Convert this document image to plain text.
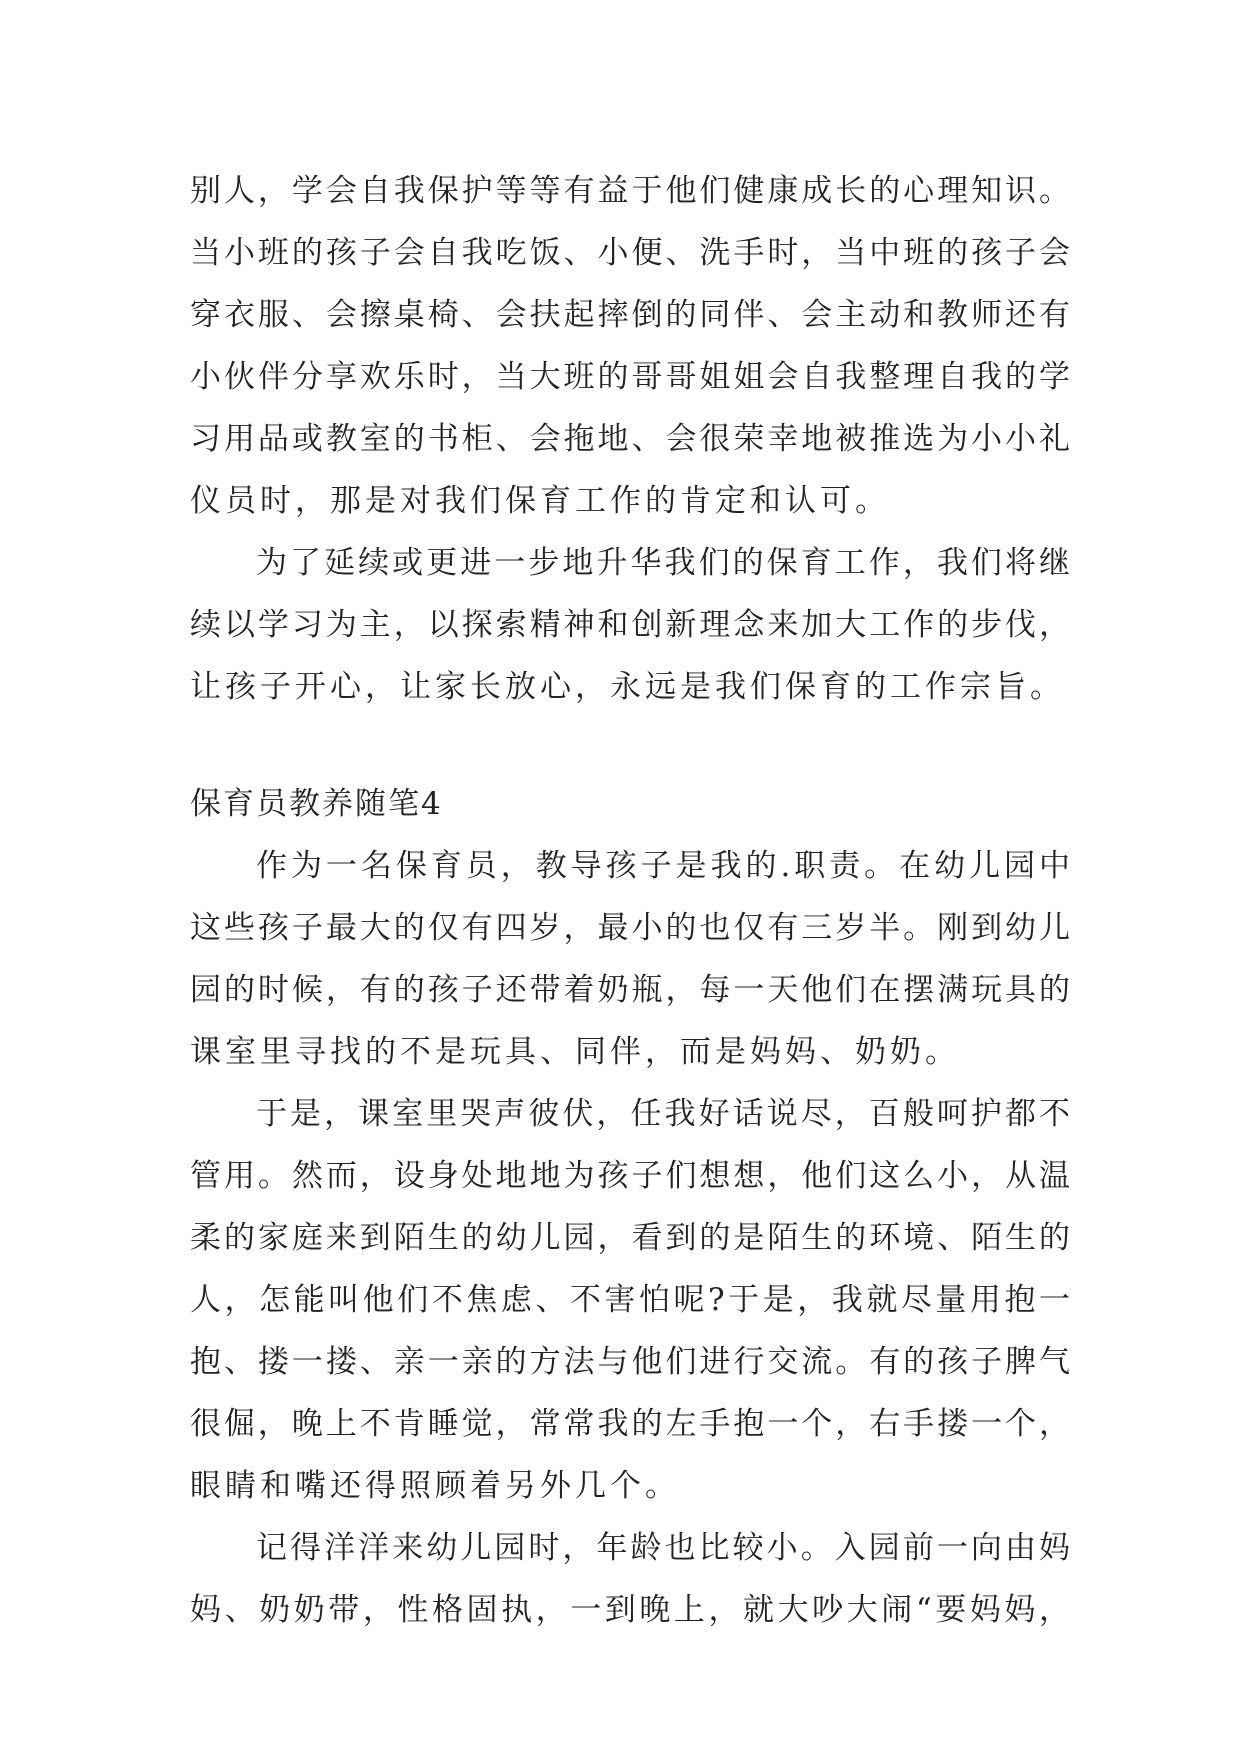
别人，学会自我保护等等有益于他们健康成长的心理知识。
当小班的孩子会自我吃饭、小便、洗手时，当中班的孩子会
穿衣服、会擦桌椅、会扶起摔倒的同伴、会主动和教师还有
小伙伴分享欢乐时，当大班的哥哥姐姐会自我整理自我的学
习用品或教室的书柜、会拖地、会很荣幸地被推选为小小礼
仪员时，那是对我们保育工作的肯定和认可。
为了延续或更进一步地升华我们的保育工作，我们将继
续以学习为主，以探索精神和创新理念来加大工作的步伐，
让孩子开心，让家长放心，永远是我们保育的工作宗旨。
保育员教养随笔4
作为一名保育员，教导孩子是我的.职责。在幼儿园中
这些孩子最大的仅有四岁，最小的也仅有三岁半。刚到幼儿
园的时候，有的孩子还带着奶瓶，每一天他们在摆满玩具的
课室里寻找的不是玩具、同伴，而是妈妈、奶奶。
于是，课室里哭声彼伏，任我好话说尽，百般呵护都不
管用。然而，设身处地地为孩子们想想，他们这么小，从温
柔的家庭来到陌生的幼儿园，看到的是陌生的环境、陌生的
人，怎能叫他们不焦虑、不害怕呢?于是，我就尽量用抱一
抱、搂一搂、亲一亲的方法与他们进行交流。有的孩子脾气
很倔，晚上不肯睡觉，常常我的左手抱一个，右手搂一个，
眼睛和嘴还得照顾着另外几个。
记得洋洋来幼儿园时，年龄也比较小。入园前一向由妈
妈、奶奶带，性格固执，一到晚上，就大吵大闹“要妈妈，
